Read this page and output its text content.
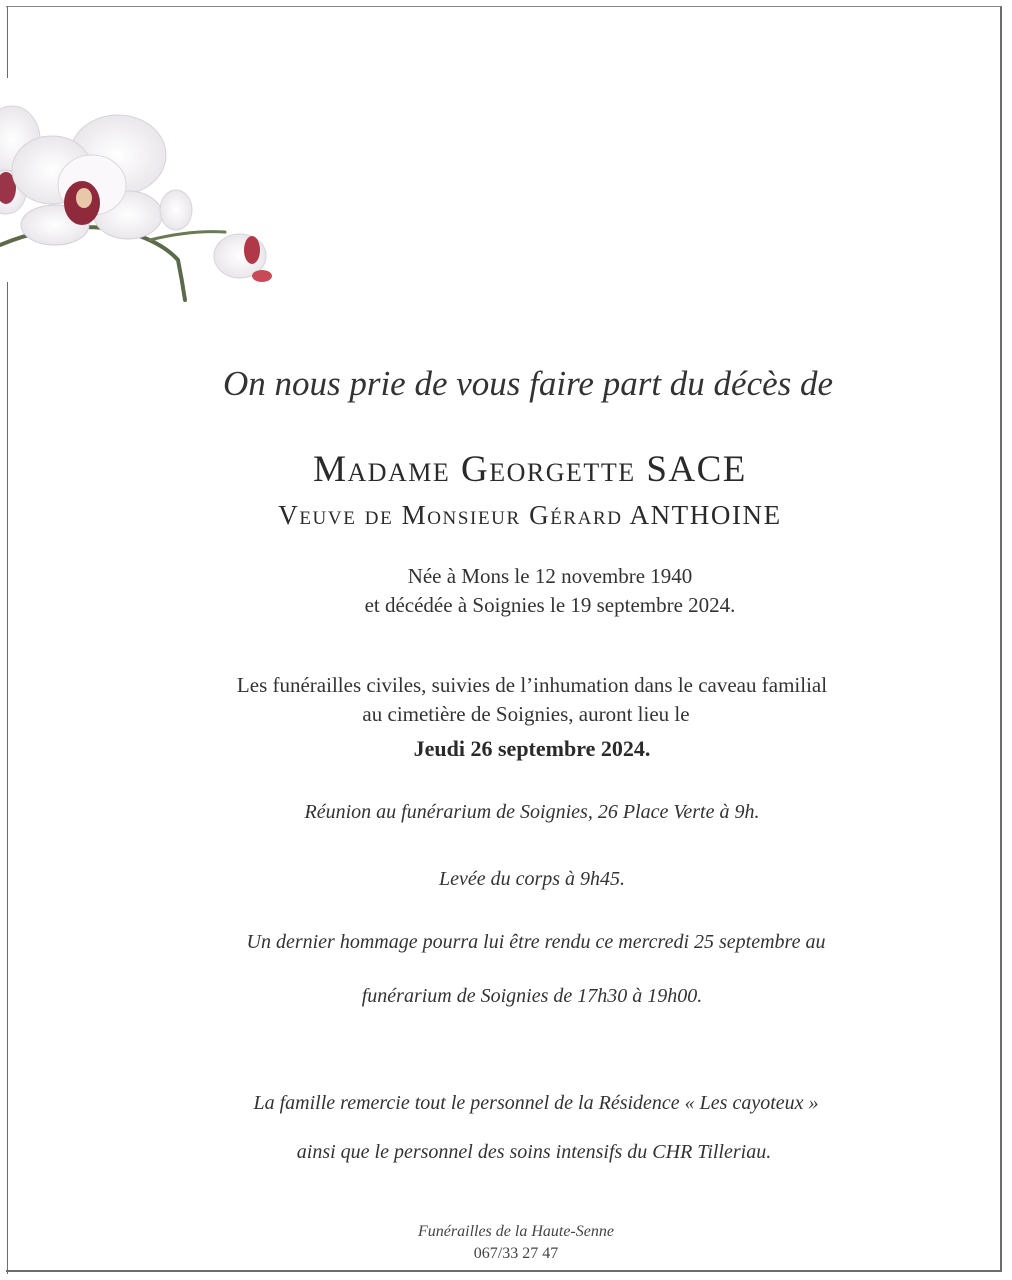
On nous prie de vous faire part du décès de

Madame Georgette SACE

Veuve de Monsieur Gérard ANTHOINE

Née à Mons le 12 novembre 1940

et décédée à Soignies le 19 septembre 2024.

Les funérailles civiles, suivies de l’inhumation dans le caveau familial

au cimetière de Soignies, auront lieu le

Jeudi 26 septembre 2024.

Réunion au funérarium de Soignies, 26 Place Verte à 9h.

Levée du corps à 9h45.

Un dernier hommage pourra lui être rendu ce mercredi 25 septembre au

funérarium de Soignies de 17h30 à 19h00.

La famille remercie tout le personnel de la Résidence « Les cayoteux »

ainsi que le personnel des soins intensifs du CHR Tilleriau.

Funérailles de la Haute-Senne

067/33 27 47
